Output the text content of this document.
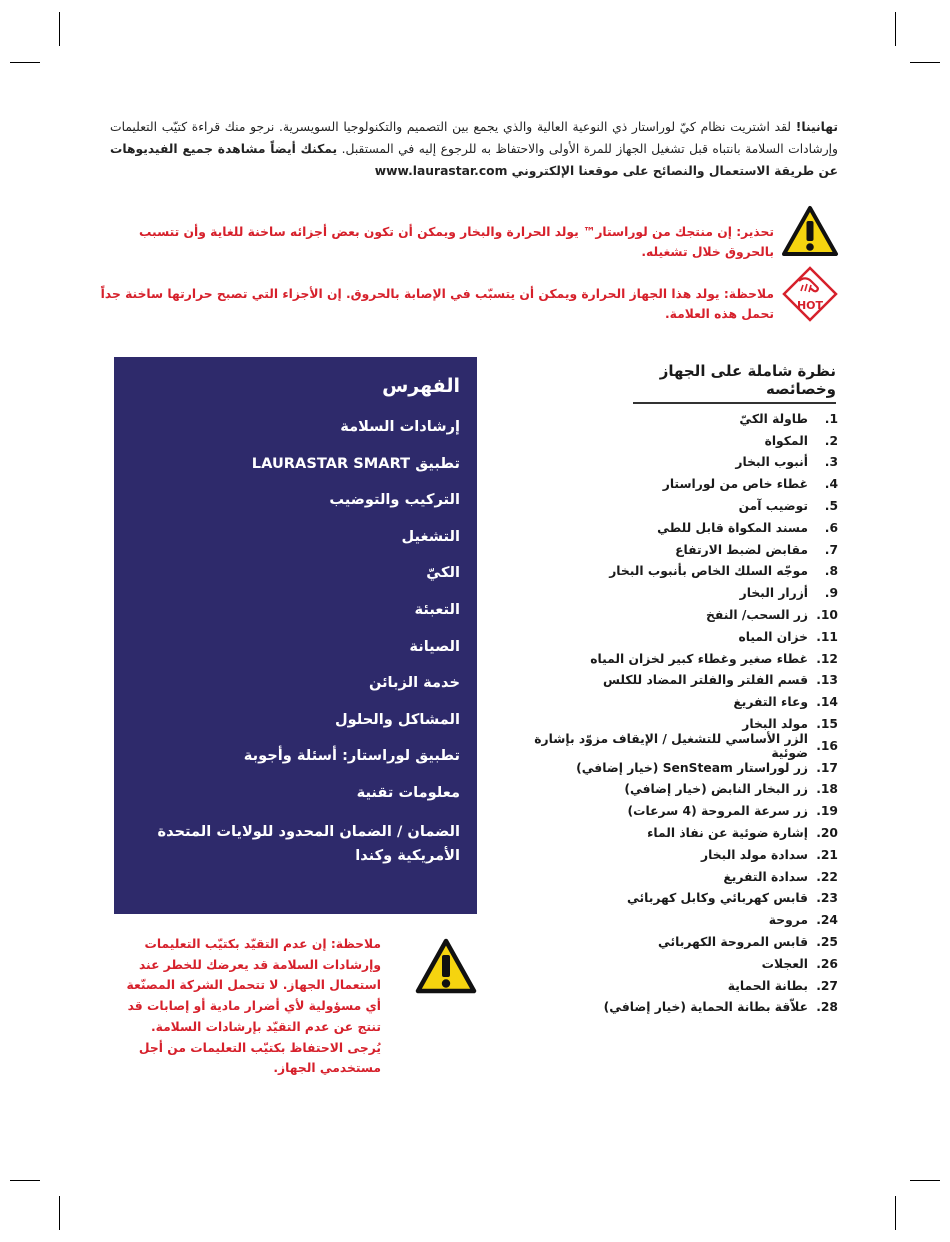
تهانينا! لقد اشتريت نظام كيّ لوراستار ذي النوعية العالية والذي يجمع بين التصميم والتكنولوجيا السويسرية. نرجو منك قراءة كتيّب التعليمات وإرشادات السلامة بانتباه قبل تشغيل الجهاز للمرة الأولى والاحتفاظ به للرجوع إليه في المستقبل. يمكنك أيضاً مشاهدة جميع الفيديوهات عن طريقة الاستعمال والنصائح على موقعنا الإلكتروني www.laurastar.com
تحذير: إن منتجك من لوراستار™ يولد الحرارة والبخار ويمكن أن تكون بعض أجزائه ساخنة للغاية وأن تتسبب بالحروق خلال تشغيله.
HOT
ملاحظة: يولد هذا الجهاز الحرارة ويمكن أن يتسبّب في الإصابة بالحروق. إن الأجزاء التي تصبح حرارتها ساخنة جداً تحمل هذه العلامة.
نظرة شاملة على الجهاز وخصائصه
1.
طاولة الكيّ
2.
المكواة
3.
أنبوب البخار
4.
غطاء خاص من لوراستار
5.
توضيب آمن
6.
مسند المكواة قابل للطي
7.
مقابض لضبط الارتفاع
8.
موجّه السلك الخاص بأنبوب البخار
9.
أزرار البخار
10.
زر السحب/ النفخ
11.
خزان المياه
12.
غطاء صغير وغطاء كبير لخزان المياه
13.
قسم الفلتر والفلتر المضاد للكلس
14.
وعاء التفريغ
15.
مولد البخار
16.
الزر الأساسي للتشغيل / الإيقاف مزوّد بإشارة ضوئية
17.
زر لوراستار SenSteam (خيار إضافي)
18.
زر البخار النابض (خيار إضافي)
19.
زر سرعة المروحة (4 سرعات)
20.
إشارة ضوئية عن نفاذ الماء
21.
سدادة مولد البخار
22.
سدادة التفريغ
23.
قابس كهربائي وكابل كهربائي
24.
مروحة
25.
قابس المروحة الكهربائي
26.
العجلات
27.
بطانة الحماية
28.
علاّقة بطانة الحماية (خيار إضافي)
الفهرس
إرشادات السلامة
تطبيق LAURASTAR SMART
التركيب والتوضيب
التشغيل
الكيّ
التعبئة
الصيانة
خدمة الزبائن
المشاكل والحلول
تطبيق لوراستار: أسئلة وأجوبة
معلومات تقنية
الضمان / الضمان المحدود للولايات المتحدة الأمريكية وكندا
ملاحظة: إن عدم التقيّد بكتيّب التعليمات وإرشادات السلامة قد يعرضك للخطر عند استعمال الجهاز. لا تتحمل الشركة المصنّعة أي مسؤولية لأي أضرار مادية أو إصابات قد تنتج عن عدم التقيّد بإرشادات السلامة. يُرجى الاحتفاظ بكتيّب التعليمات من أجل مستخدمي الجهاز.
